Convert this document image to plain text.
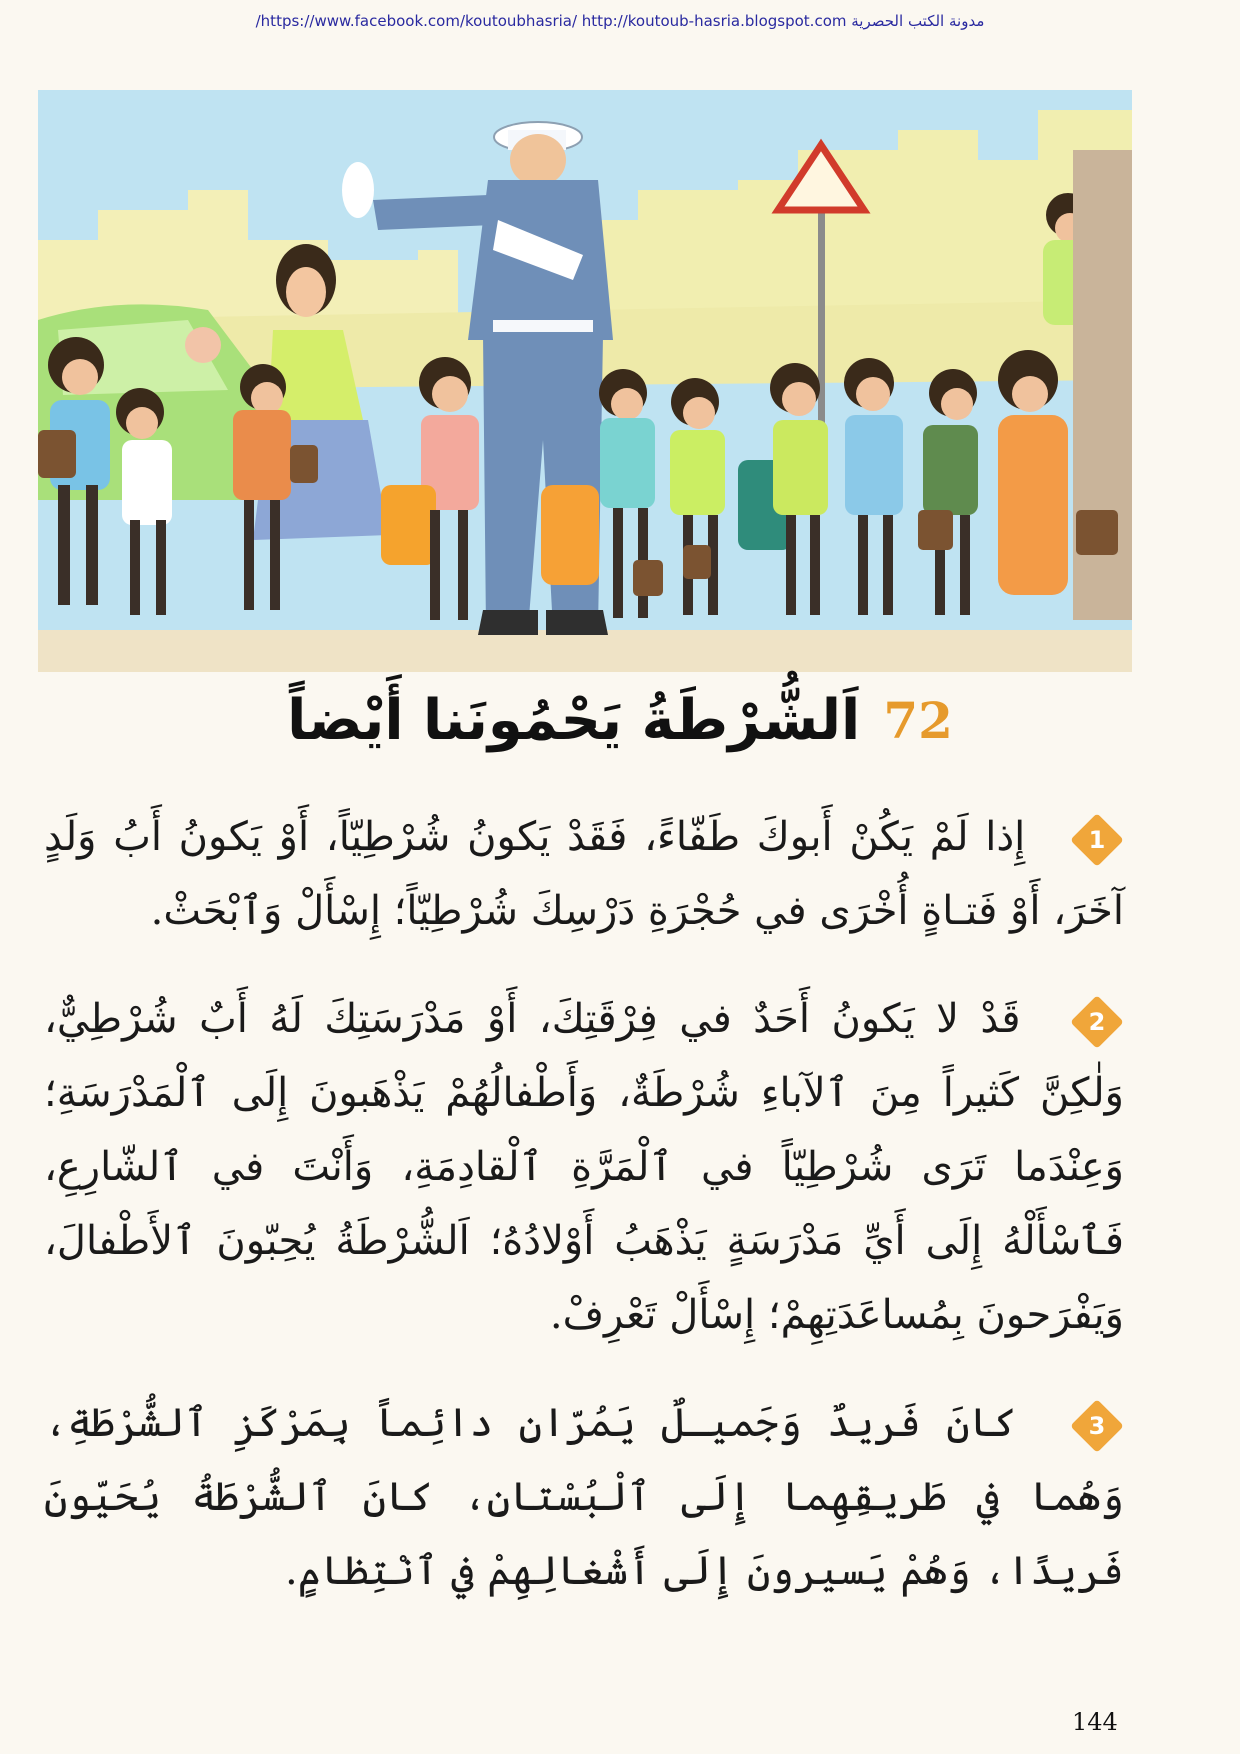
/https://www.facebook.com/koutoubhasria/ http://koutoub-hasria.blogspot.com مدونة الكتب الحصرية
72 اَلشُّرْطَةُ يَحْمُونَنا أَيْضاً
1
إِذا لَمْ يَكُنْ أَبوكَ طَفّاءً، فَقَدْ يَكونُ شُرْطِيّاً، أَوْ يَكونُ أَبُ وَلَدٍ آخَرَ، أَوْ فَتـاةٍ أُخْرَى في حُجْرَةِ دَرْسِكَ شُرْطِيّاً؛ إِسْأَلْ وَٱبْحَثْ.
2
قَدْ لا يَكونُ أَحَدٌ في فِرْقَتِكَ، أَوْ مَدْرَسَتِكَ لَهُ أَبٌ شُرْطِيٌّ، وَلٰكِنَّ كَثيراً مِنَ ٱلآباءِ شُرْطَةٌ، وَأَطْفالُهُمْ يَذْهَبونَ إِلَى ٱلْمَدْرَسَةِ؛ وَعِنْدَما تَرَى شُرْطِيّاً في ٱلْمَرَّةِ ٱلْقادِمَةِ، وَأَنْتَ في ٱلشّارِعِ، فَٱسْأَلْهُ إِلَى أَيِّ مَدْرَسَةٍ يَذْهَبُ أَوْلادُهُ؛ اَلشُّرْطَةُ يُحِبّونَ ٱلأَطْفالَ، وَيَفْرَحونَ بِمُساعَدَتِهِمْ؛ إِسْأَلْ تَعْرِفْ.
3
كانَ فَريدٌ وَجَميـلٌ يَمُرّانِ دائِماً بِمَرْكَزِ ٱلشُّرْطَةِ، وَهُما في طَريقِهِما إِلَى ٱلْبُسْتانِ، كانَ ٱلشُّرْطَةُ يُحَيّونَ فَريدًا، وَهُمْ يَسيرونَ إِلَى أَشْغالِهِمْ في ٱنْتِظامٍ.
144
